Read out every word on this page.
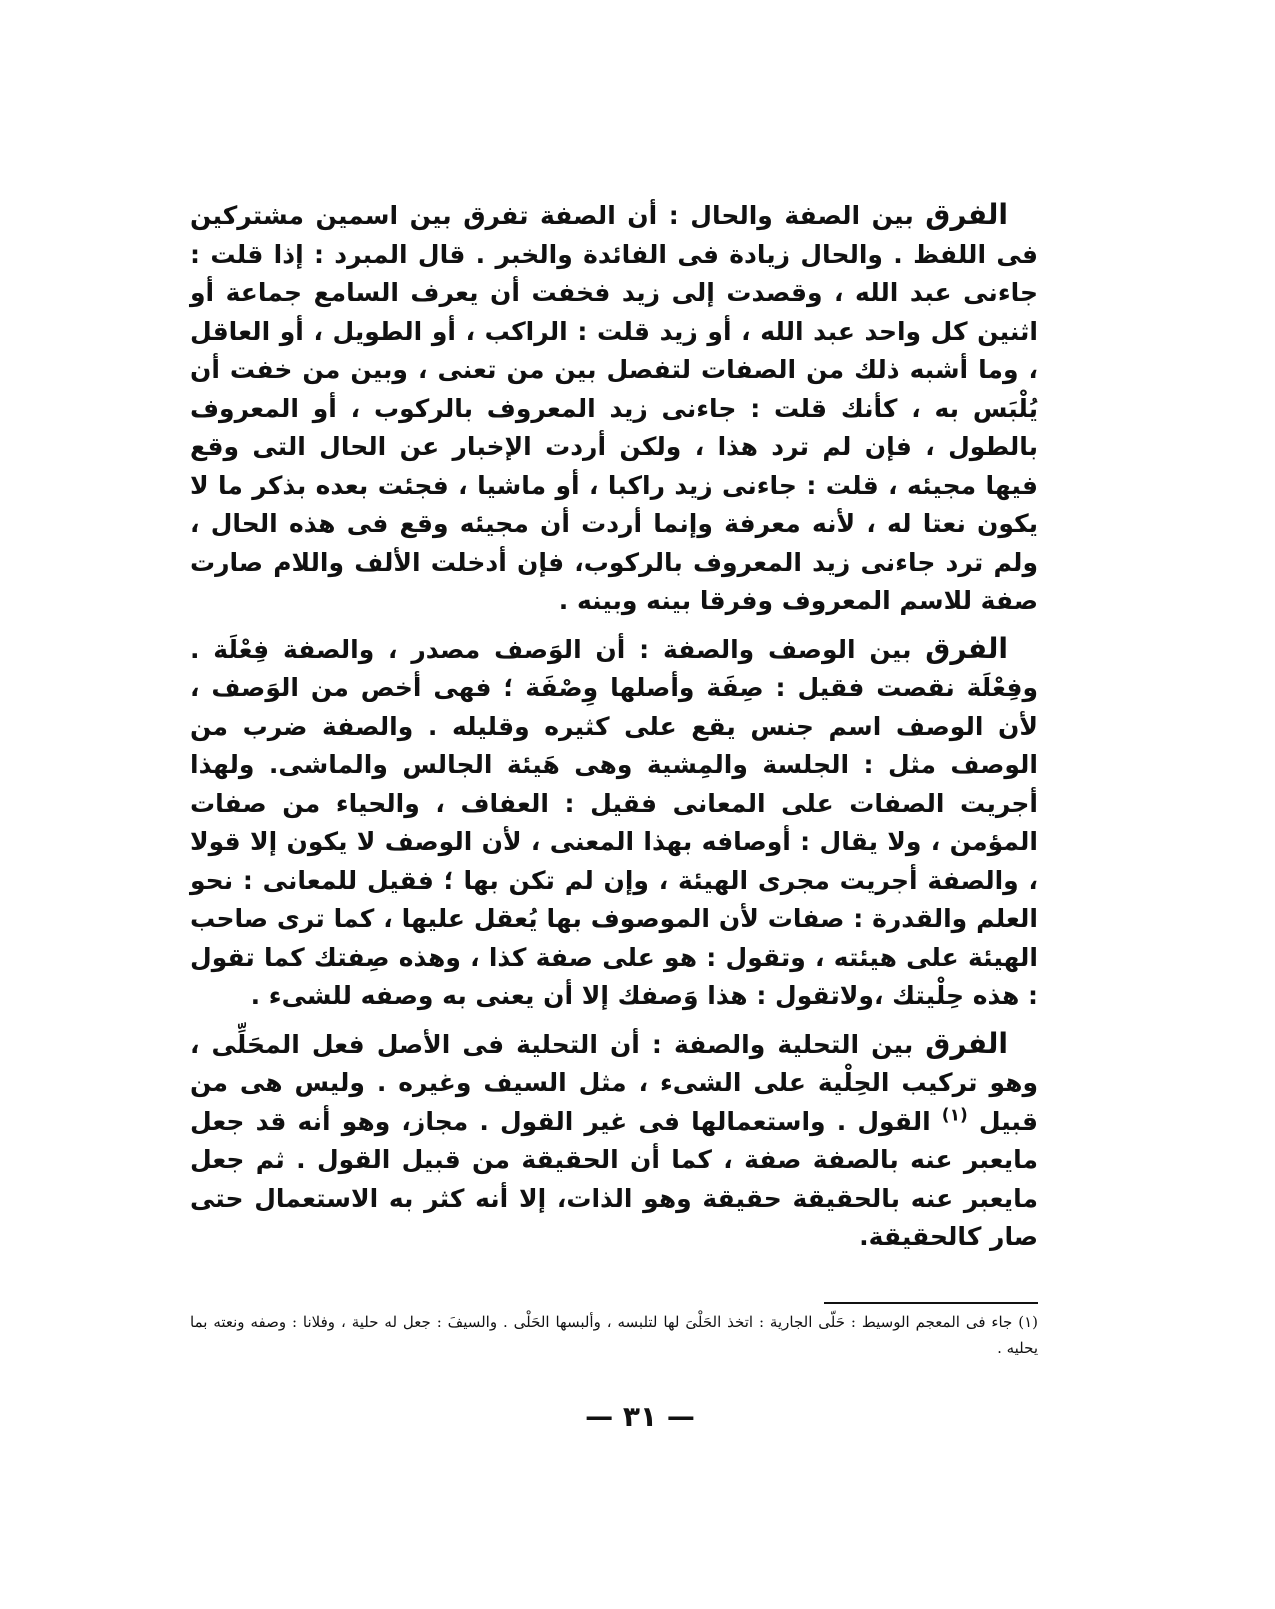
الفرق بين الصفة والحال : أن الصفة تفرق بين اسمين مشتركين فى اللفظ . والحال زيادة فى الفائدة والخبر . قال المبرد : إذا قلت : جاءنى عبد الله ، وقصدت إلى زيد فخفت أن يعرف السامع جماعة أو اثنين كل واحد عبد الله ، أو زيد قلت : الراكب ، أو الطويل ، أو العاقل ، وما أشبه ذلك من الصفات لتفصل بين من تعنى ، وبين من خفت أن يُلْبَس به ، كأنك قلت : جاءنى زيد المعروف بالركوب ، أو المعروف بالطول ، فإن لم ترد هذا ، ولكن أردت الإخبار عن الحال التى وقع فيها مجيئه ، قلت : جاءنى زيد راكبا ، أو ماشيا ، فجئت بعده بذكر ما لا يكون نعتا له ، لأنه معرفة وإنما أردت أن مجيئه وقع فى هذه الحال ، ولم ترد جاءنى زيد المعروف بالركوب، فإن أدخلت الألف واللام صارت صفة للاسم المعروف وفرقا بينه وبينه .

الفرق بين الوصف والصفة : أن الوَصف مصدر ، والصفة فِعْلَة . وفِعْلَة نقصت فقيل : صِفَة وأصلها وِصْفَة ؛ فهى أخص من الوَصف ، لأن الوصف اسم جنس يقع على كثيره وقليله . والصفة ضرب من الوصف مثل : الجلسة والمِشية وهى هَيئة الجالس والماشى. ولهذا أجريت الصفات على المعانى فقيل : العفاف ، والحياء من صفات المؤمن ، ولا يقال : أوصافه بهذا المعنى ، لأن الوصف لا يكون إلا قولا ، والصفة أجريت مجرى الهيئة ، وإن لم تكن بها ؛ فقيل للمعانى : نحو العلم والقدرة : صفات لأن الموصوف بها يُعقل عليها ، كما ترى صاحب الهيئة على هيئته ، وتقول : هو على صفة كذا ، وهذه صِفتك كما تقول : هذه حِلْيتك ،ولاتقول : هذا وَصفك إلا أن يعنى به وصفه للشىء .

الفرق بين التحلية والصفة : أن التحلية فى الأصل فعل المحَلِّى ، وهو تركيب الحِلْية على الشىء ، مثل السيف وغيره . وليس هى من قبيل $^{(١)}$ القول . واستعمالها فى غير القول . مجاز، وهو أنه قد جعل مايعبر عنه بالصفة صفة ، كما أن الحقيقة من قبيل القول . ثم جعل مايعبر عنه بالحقيقة حقيقة وهو الذات، إلا أنه كثر به الاستعمال حتى صار كالحقيقة.

(١) جاء فى المعجم الوسيط : حَلّى الجارية : اتخذ الحَلْىَ لها لتلبسه ، وألبسها الحَلْى . والسيفَ : جعل له حلية ، وفلانا : وصفه ونعته بما يحليه .

— ٣١ —
